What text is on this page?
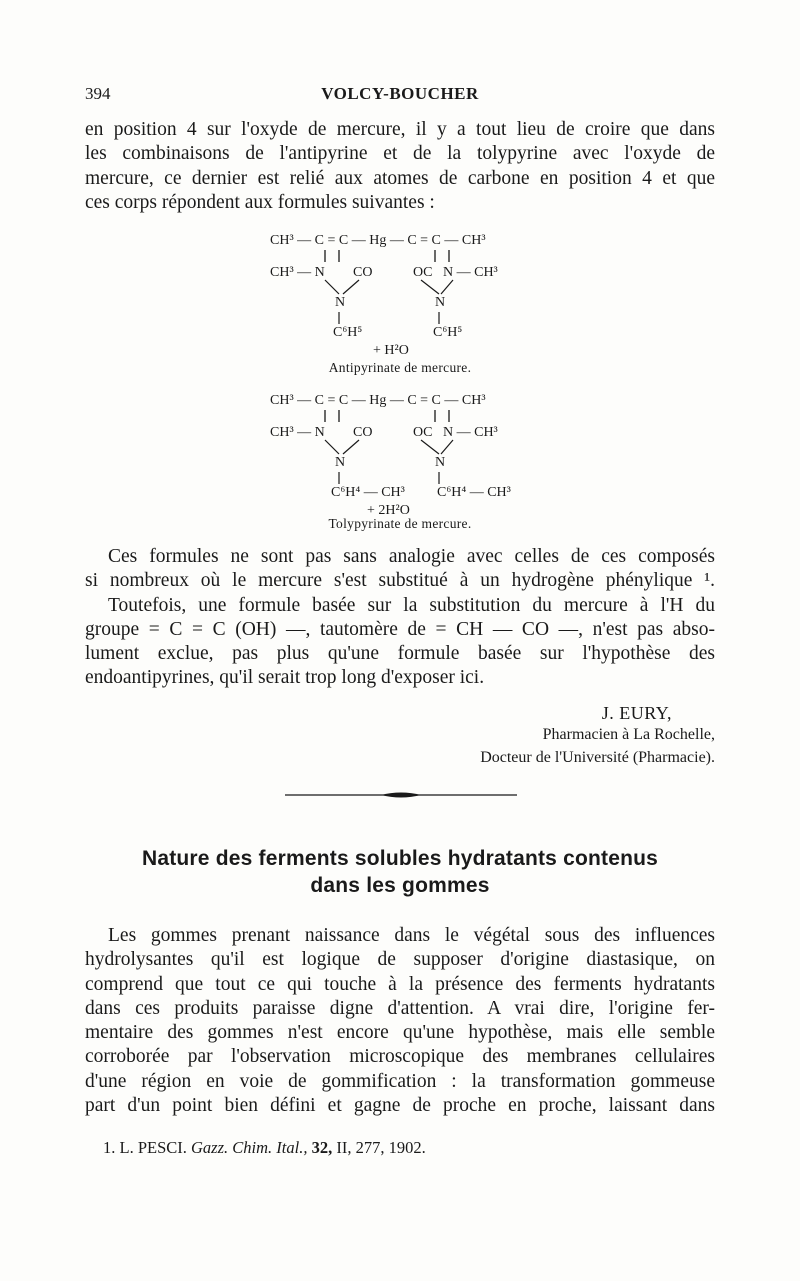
394	VOLCY-BOUCHER
en position 4 sur l'oxyde de mercure, il y a tout lieu de croire que dans
les combinaisons de l'antipyrine et de la tolypyrine avec l'oxyde de
mercure, ce dernier est relié aux atomes de carbone en position 4 et que
ces corps répondent aux formules suivantes :
CH³ — C = C — Hg — C = C — CH³
CH³ — N CO	OC N — CH³
N	N
C⁶H⁵	C⁶H⁵
+ H²O
Antipyrinate de mercure.
CH³ — C = C — Hg — C = C — CH³
CH³ — N CO	OC N — CH³
N	N
C⁶H⁴ — CH³ C⁶H⁴ — CH³
+ 2H²O
Tolypyrinate de mercure.
Ces formules ne sont pas sans analogie avec celles de ces composés
si nombreux où le mercure s'est substitué à un hydrogène phénylique ¹.
Toutefois, une formule basée sur la substitution du mercure à l'H du
groupe = C = C (OH) —, tautomère de = CH — CO —, n'est pas abso-
lument exclue, pas plus qu'une formule basée sur l'hypothèse des
endoantipyrines, qu'il serait trop long d'exposer ici.
J. EURY,
Pharmacien à La Rochelle,
Docteur de l'Université (Pharmacie).
Nature des ferments solubles hydratants contenus
dans les gommes
Les gommes prenant naissance dans le végétal sous des influences
hydrolysantes qu'il est logique de supposer d'origine diastasique, on
comprend que tout ce qui touche à la présence des ferments hydratants
dans ces produits paraisse digne d'attention. A vrai dire, l'origine fer-
mentaire des gommes n'est encore qu'une hypothèse, mais elle semble
corroborée par l'observation microscopique des membranes cellulaires
d'une région en voie de gommification : la transformation gommeuse
part d'un point bien défini et gagne de proche en proche, laissant dans
1. L. PESCI. Gazz. Chim. Ital., 32, II, 277, 1902.
